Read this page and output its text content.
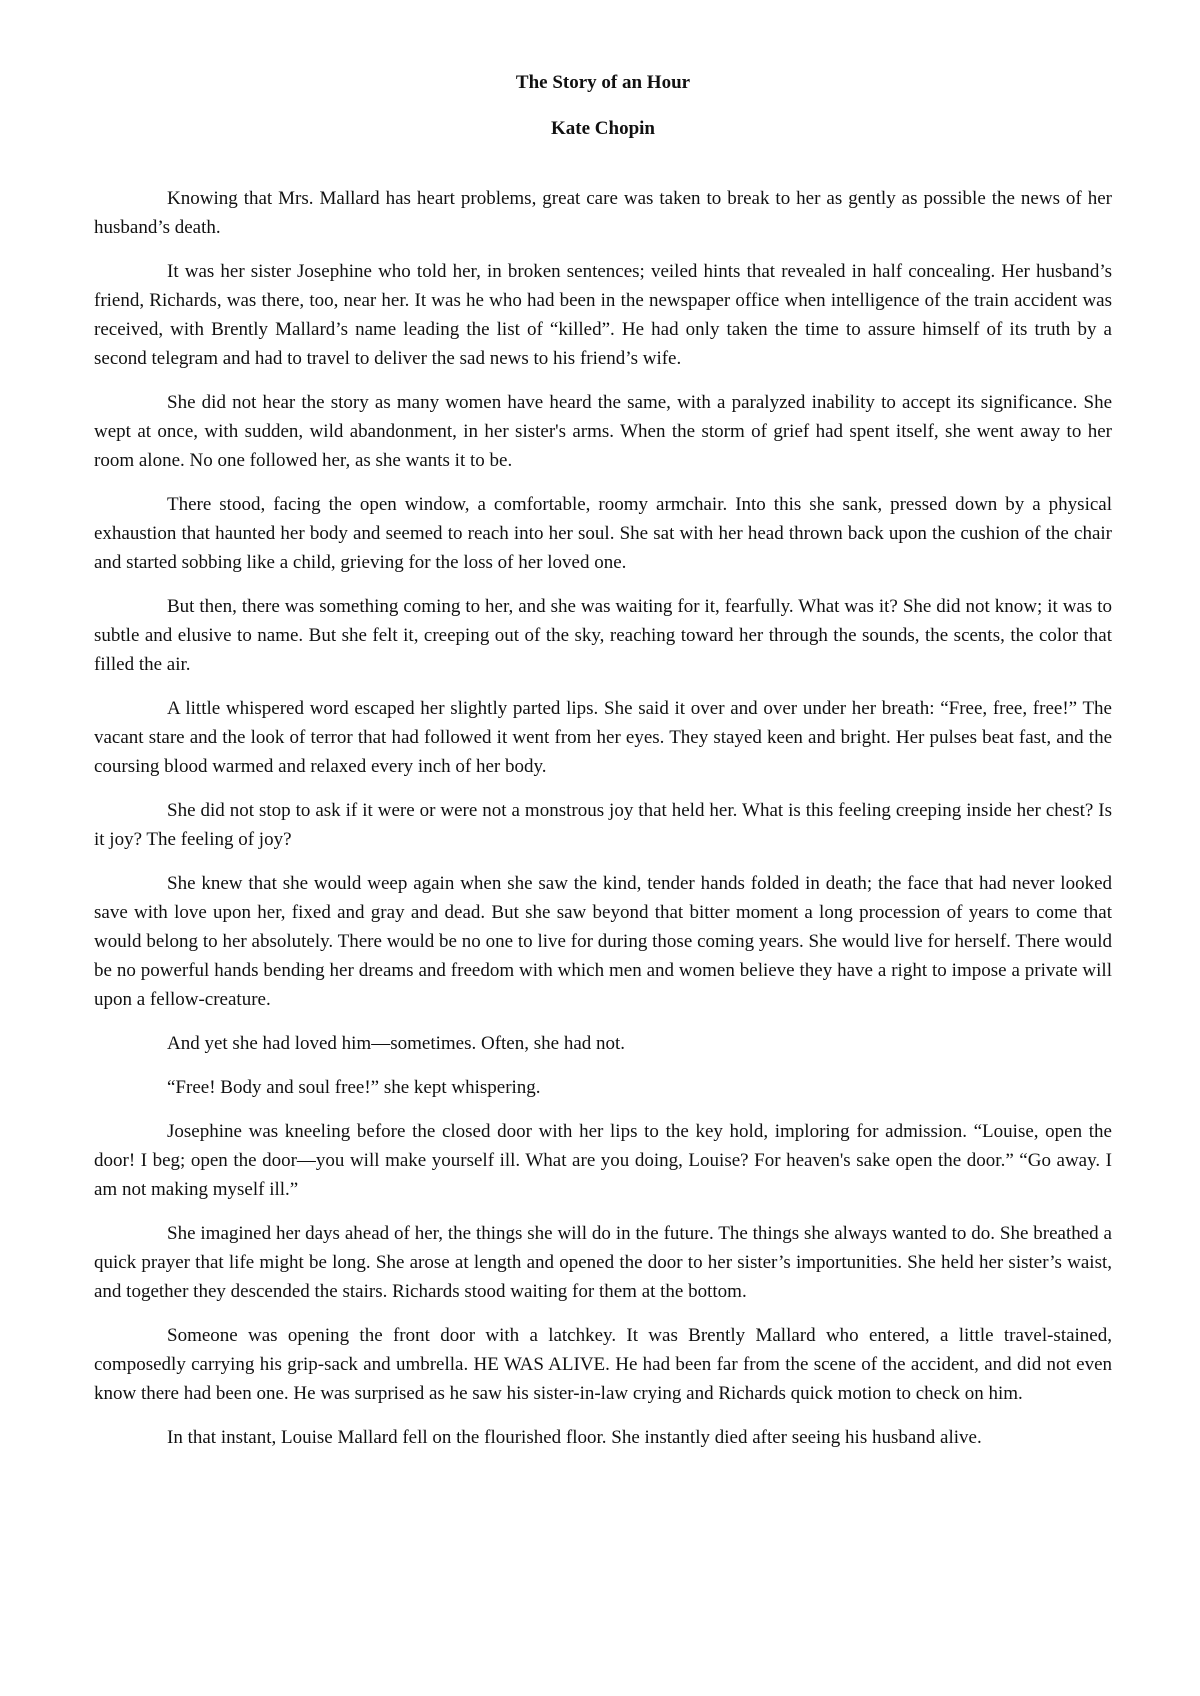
The Story of an Hour
Kate Chopin

Knowing that Mrs. Mallard has heart problems, great care was taken to break to her as gently as possible the news of her husband’s death.

It was her sister Josephine who told her, in broken sentences; veiled hints that revealed in half concealing. Her husband’s friend, Richards, was there, too, near her. It was he who had been in the newspaper office when intelligence of the train accident was received, with Brently Mallard’s name leading the list of “killed”. He had only taken the time to assure himself of its truth by a second telegram and had to travel to deliver the sad news to his friend’s wife.

She did not hear the story as many women have heard the same, with a paralyzed inability to accept its significance. She wept at once, with sudden, wild abandonment, in her sister's arms. When the storm of grief had spent itself, she went away to her room alone. No one followed her, as she wants it to be.

There stood, facing the open window, a comfortable, roomy armchair. Into this she sank, pressed down by a physical exhaustion that haunted her body and seemed to reach into her soul. She sat with her head thrown back upon the cushion of the chair and started sobbing like a child, grieving for the loss of her loved one.

But then, there was something coming to her, and she was waiting for it, fearfully. What was it? She did not know; it was to subtle and elusive to name. But she felt it, creeping out of the sky, reaching toward her through the sounds, the scents, the color that filled the air.

A little whispered word escaped her slightly parted lips. She said it over and over under her breath: “Free, free, free!” The vacant stare and the look of terror that had followed it went from her eyes. They stayed keen and bright. Her pulses beat fast, and the coursing blood warmed and relaxed every inch of her body.

She did not stop to ask if it were or were not a monstrous joy that held her. What is this feeling creeping inside her chest? Is it joy? The feeling of joy?

She knew that she would weep again when she saw the kind, tender hands folded in death; the face that had never looked save with love upon her, fixed and gray and dead. But she saw beyond that bitter moment a long procession of years to come that would belong to her absolutely. There would be no one to live for during those coming years. She would live for herself. There would be no powerful hands bending her dreams and freedom with which men and women believe they have a right to impose a private will upon a fellow-creature.

And yet she had loved him—sometimes. Often, she had not.

“Free! Body and soul free!” she kept whispering.

Josephine was kneeling before the closed door with her lips to the key hold, imploring for admission. “Louise, open the door! I beg; open the door—you will make yourself ill. What are you doing, Louise? For heaven's sake open the door.” “Go away. I am not making myself ill.”

She imagined her days ahead of her, the things she will do in the future. The things she always wanted to do. She breathed a quick prayer that life might be long. She arose at length and opened the door to her sister’s importunities. She held her sister’s waist, and together they descended the stairs. Richards stood waiting for them at the bottom.

Someone was opening the front door with a latchkey. It was Brently Mallard who entered, a little travel-stained, composedly carrying his grip-sack and umbrella. HE WAS ALIVE. He had been far from the scene of the accident, and did not even know there had been one. He was surprised as he saw his sister-in-law crying and Richards quick motion to check on him.

In that instant, Louise Mallard fell on the flourished floor. She instantly died after seeing his husband alive.
